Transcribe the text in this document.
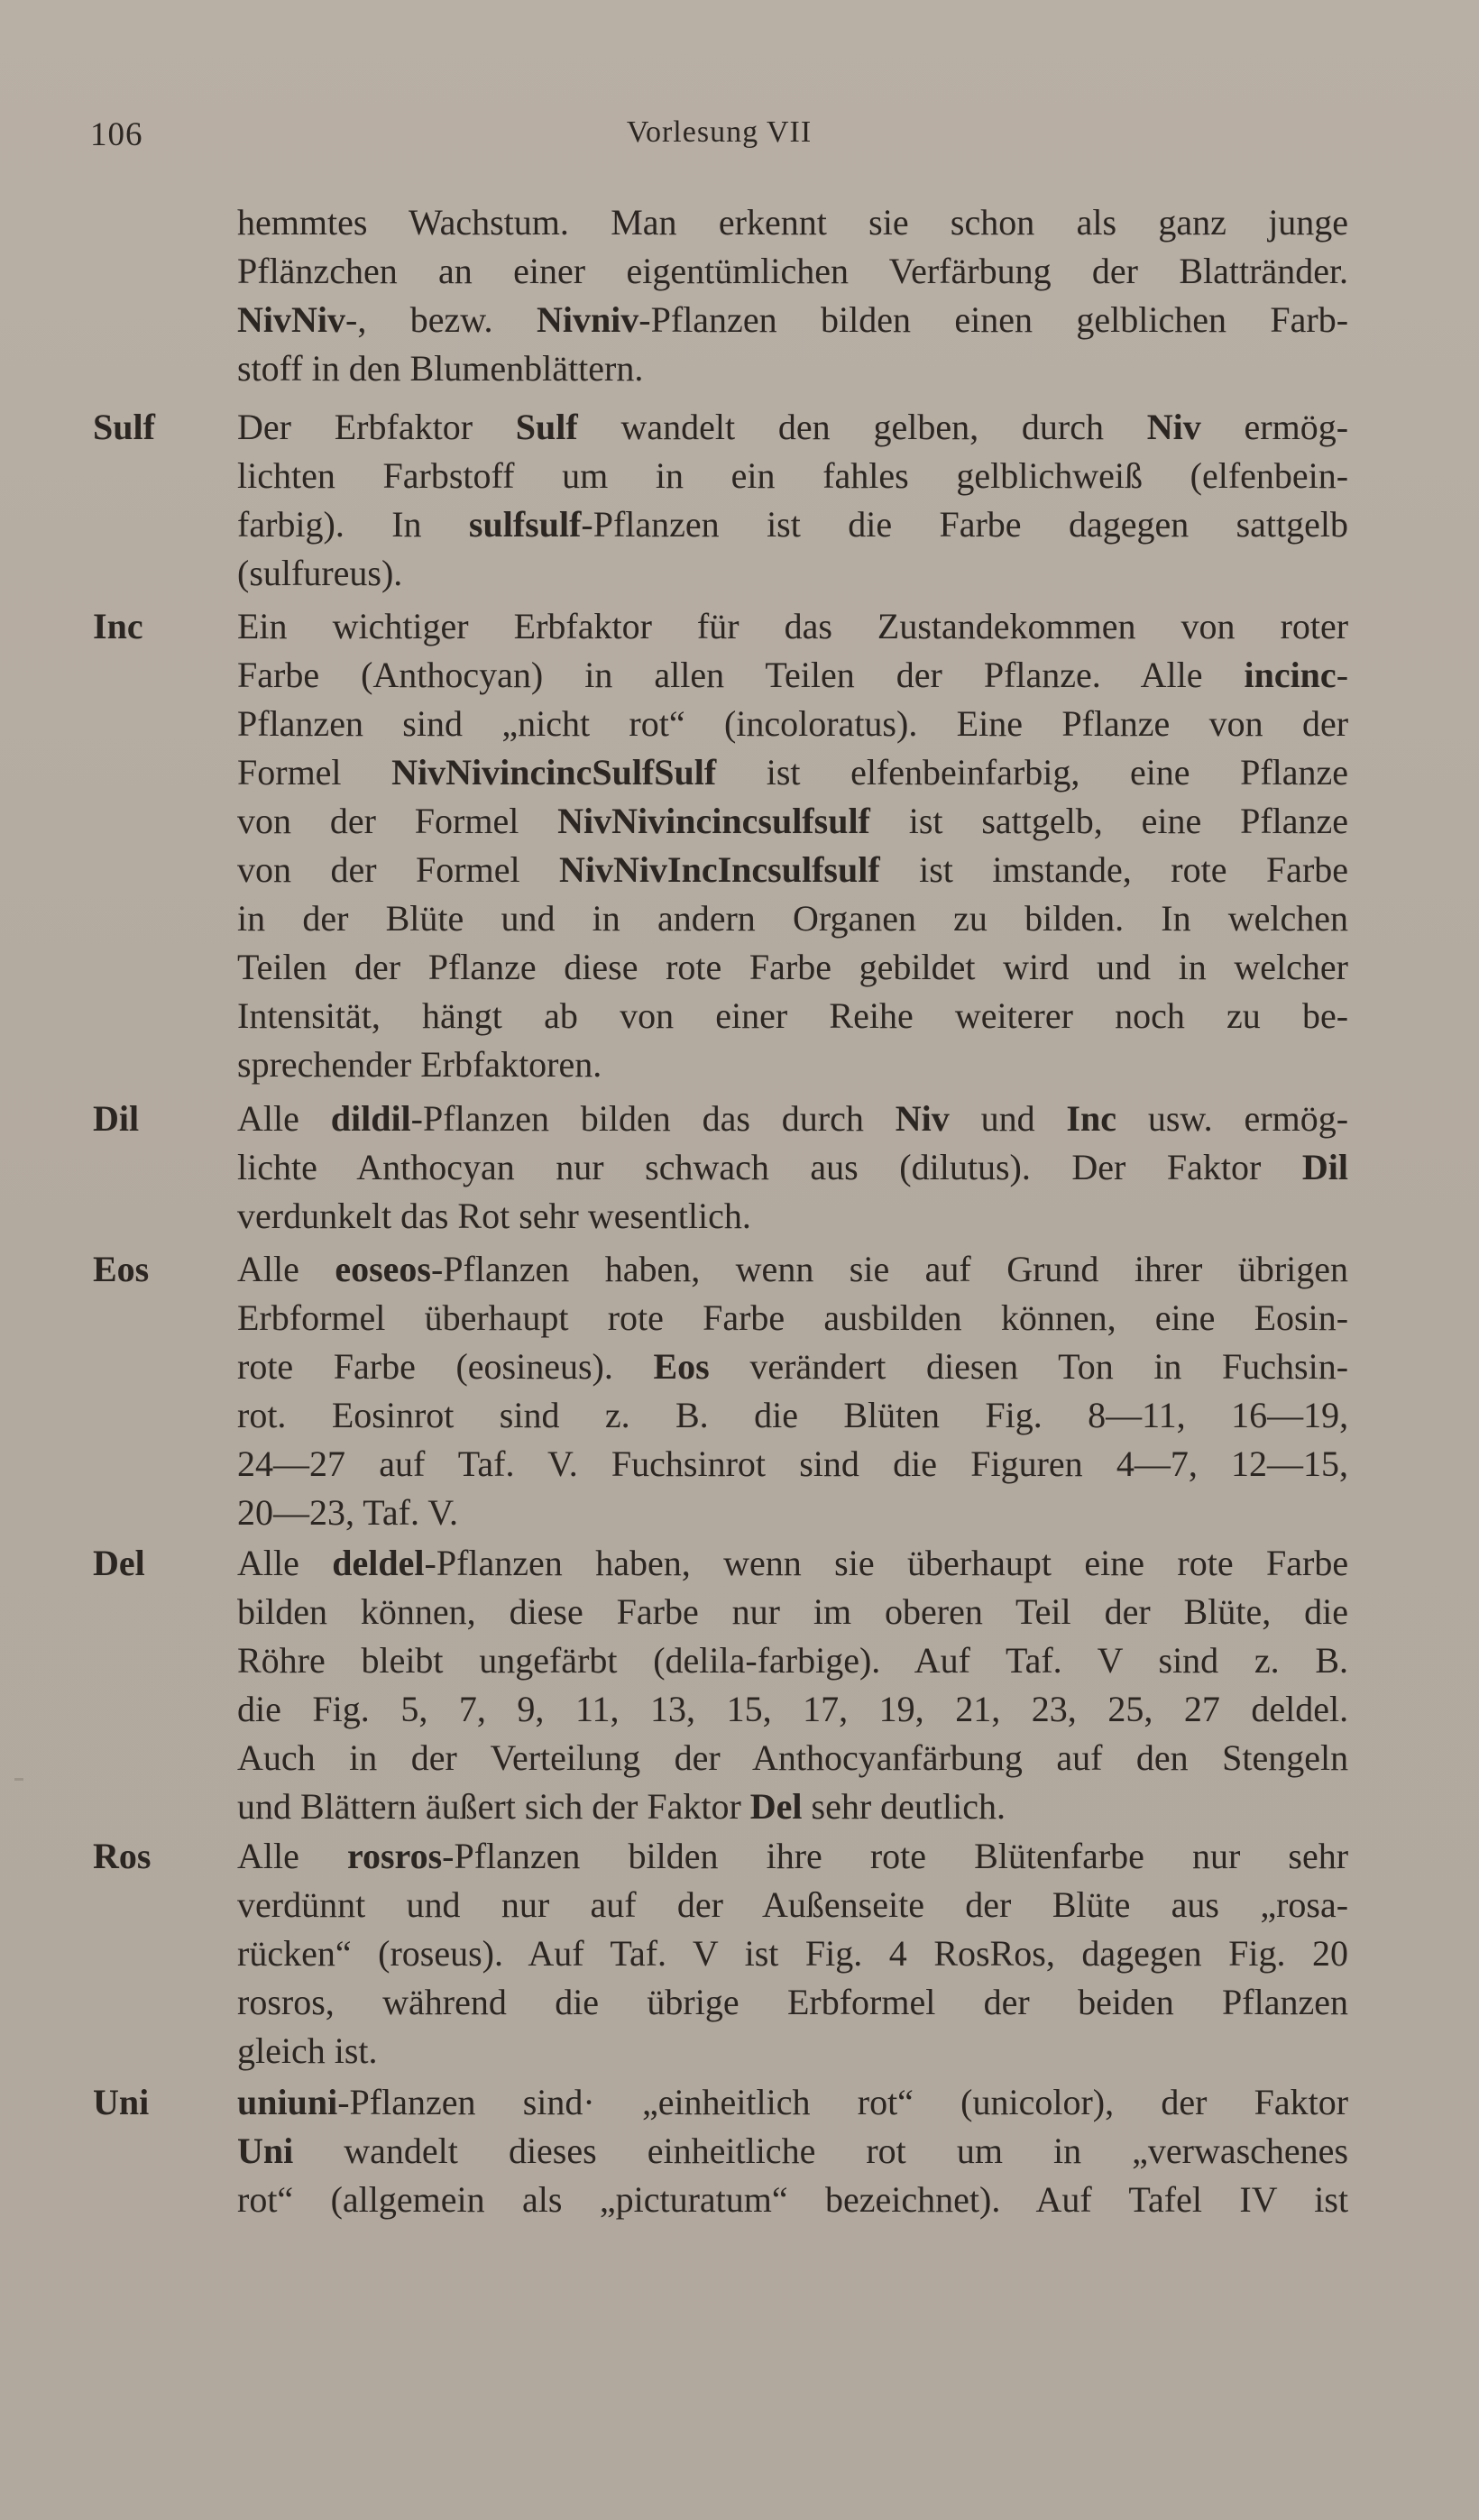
106	Vorlesung VII
hemmtes Wachstum. Man erkennt sie schon als ganz junge
Pflänzchen an einer eigentümlichen Verfärbung der Blattränder.
NivNiv-, bezw. Nivniv-Pflanzen bilden einen gelblichen Farb-
stoff in den Blumenblättern.
Sulf Der Erbfaktor Sulf wandelt den gelben, durch Niv ermög-
lichten Farbstoff um in ein fahles gelblichweiß (elfenbein-
farbig). In sulfsulf-Pflanzen ist die Farbe dagegen sattgelb
(sulfureus).
Inc	Ein wichtiger Erbfaktor für das Zustandekommen von roter
Farbe (Anthocyan) in allen Teilen der Pflanze. Alle incinc-
Pflanzen sind „nicht rot“ (incoloratus). Eine Pflanze von der
Formel NivNivincincSulfSulf ist elfenbeinfarbig, eine Pflanze
von der Formel NivNivincincsulfsulf ist sattgelb, eine Pflanze
von der Formel NivNivIncIncsulfsulf ist imstande, rote Farbe
in der Blüte und in andern Organen zu bilden. In welchen
Teilen der Pflanze diese rote Farbe gebildet wird und in welcher
Intensität, hängt ab von einer Reihe weiterer noch zu be-
sprechender Erbfaktoren.
Dil	Alle dildil-Pflanzen bilden das durch Niv und Inc usw. ermög-
lichte Anthocyan nur schwach aus (dilutus). Der Faktor Dil
verdunkelt das Rot sehr wesentlich.
Eos Alle eoseos-Pflanzen haben, wenn sie auf Grund ihrer übrigen
Erbformel überhaupt rote Farbe ausbilden können, eine Eosin-
rote Farbe (eosineus). Eos verändert diesen Ton in Fuchsin-
rot. Eosinrot sind z. B. die Blüten Fig. 8—11, 16—19,
24—27 auf Taf. V. Fuchsinrot sind die Figuren 4—7, 12—15,
20—23, Taf. V.
Del	Alle deldel-Pflanzen haben, wenn sie überhaupt eine rote Farbe
bilden können, diese Farbe nur im oberen Teil der Blüte, die
Röhre bleibt ungefärbt (delila-farbige). Auf Taf. V sind z. B.
die Fig. 5, 7, 9, 11, 13, 15, 17, 19, 21, 23, 25, 27 deldel.
Auch in der Verteilung der Anthocyanfärbung auf den Stengeln
und Blättern äußert sich der Faktor Del sehr deutlich.
Ros Alle rosros-Pflanzen bilden ihre rote Blütenfarbe nur sehr
verdünnt und nur auf der Außenseite der Blüte aus „rosa-
rücken“ (roseus). Auf Taf. V ist Fig. 4 RosRos, dagegen Fig. 20
rosros, während die übrige Erbformel der beiden Pflanzen
gleich ist.
Uni uniuni-Pflanzen sind· „einheitlich rot“ (unicolor), der Faktor
Uni wandelt dieses einheitliche rot um in „verwaschenes
rot“ (allgemein als „picturatum“ bezeichnet). Auf Tafel IV ist
